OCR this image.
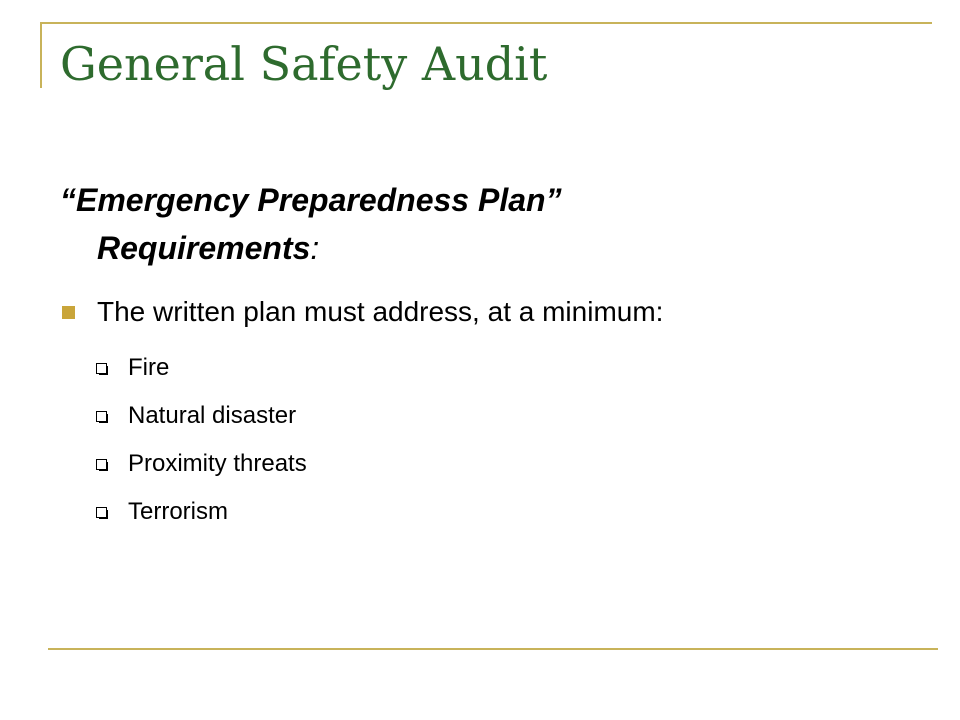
General Safety Audit

“Emergency Preparedness Plan”
Requirements:

The written plan must address, at a minimum:
Fire
Natural disaster
Proximity threats
Terrorism
